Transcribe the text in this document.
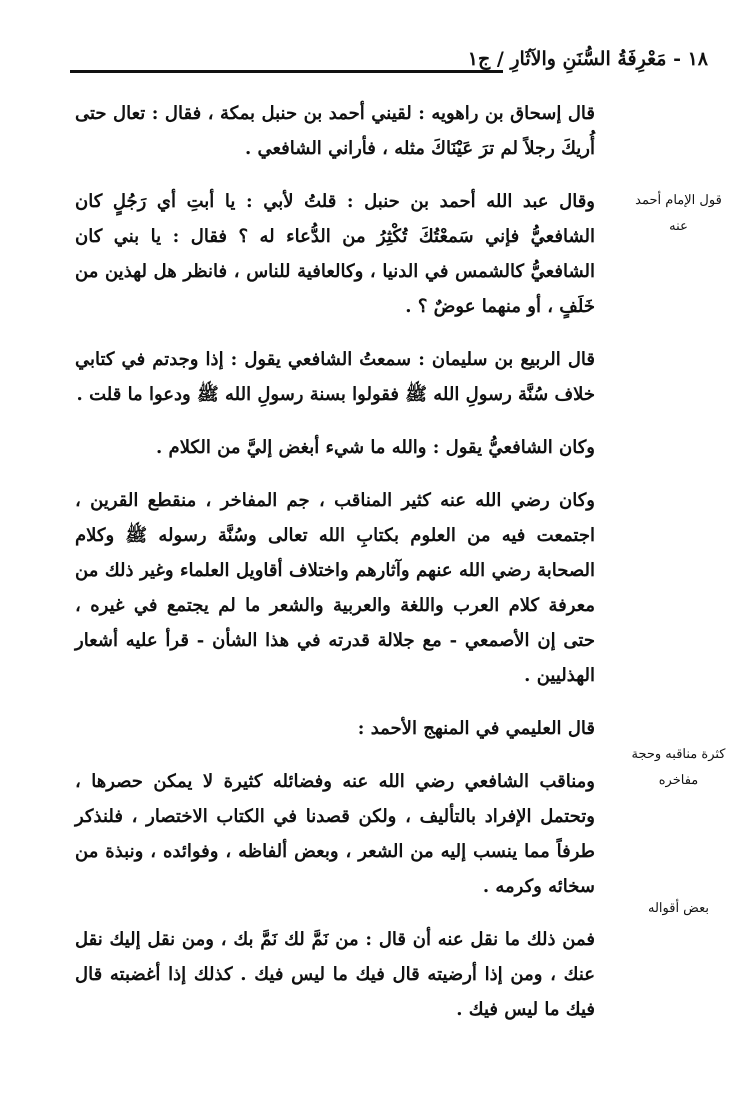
١٨ - مَعْرِفَةُ السُّنَنِ والآثَارِ / ج١
قول الإمام أحمد عنه
كثرة مناقبه وحجة مفاخره
بعض أقواله

قال إسحاق بن راهويه : لقيني أحمد بن حنبل بمكة ، فقال : تعال حتى أُريكَ رجلاً لم ترَ عَيْنَاكَ مثله ، فأراني الشافعي .

وقال عبد الله أحمد بن حنبل : قلتُ لأبي : يا أبتِ أي رَجُلٍ كان الشافعيُّ فإني سَمعْتُكَ تُكْثِرُ من الدُّعاء له ؟ فقال : يا بني كان الشافعيُّ كالشمس في الدنيا ، وكالعافية للناس ، فانظر هل لهذين من خَلَفٍ ، أو منهما عوضٌ ؟ .

قال الربيع بن سليمان : سمعتُ الشافعي يقول : إذا وجدتم في كتابي خلاف سُنَّة رسولِ الله ﷺ فقولوا بسنة رسولِ الله ﷺ ودعوا ما قلت .

وكان الشافعيُّ يقول : والله ما شيء أبغض إليَّ من الكلام .

وكان رضي الله عنه كثير المناقب ، جم المفاخر ، منقطع القرين ، اجتمعت فيه من العلوم بكتابِ الله تعالى وسُنَّة رسوله ﷺ وكلام الصحابة رضي الله عنهم وآثارهم واختلاف أقاويل العلماء وغير ذلك من معرفة كلام العرب واللغة والعربية والشعر ما لم يجتمع في غيره ، حتى إن الأصمعي - مع جلالة قدرته في هذا الشأن - قرأ عليه أشعار الهذليين .

قال العليمي في المنهج الأحمد :

ومناقب الشافعي رضي الله عنه وفضائله كثيرة لا يمكن حصرها ، وتحتمل الإفراد بالتأليف ، ولكن قصدنا في الكتاب الاختصار ، فلنذكر طرفاً مما ينسب إليه من الشعر ، وبعض ألفاظه ، وفوائده ، ونبذة من سخائه وكرمه .

فمن ذلك ما نقل عنه أن قال : من نَمَّ لك نَمَّ بك ، ومن نقل إليك نقل عنك ، ومن إذا أرضيته قال فيك ما ليس فيك . كذلك إذا أغضبته قال فيك ما ليس فيك .
